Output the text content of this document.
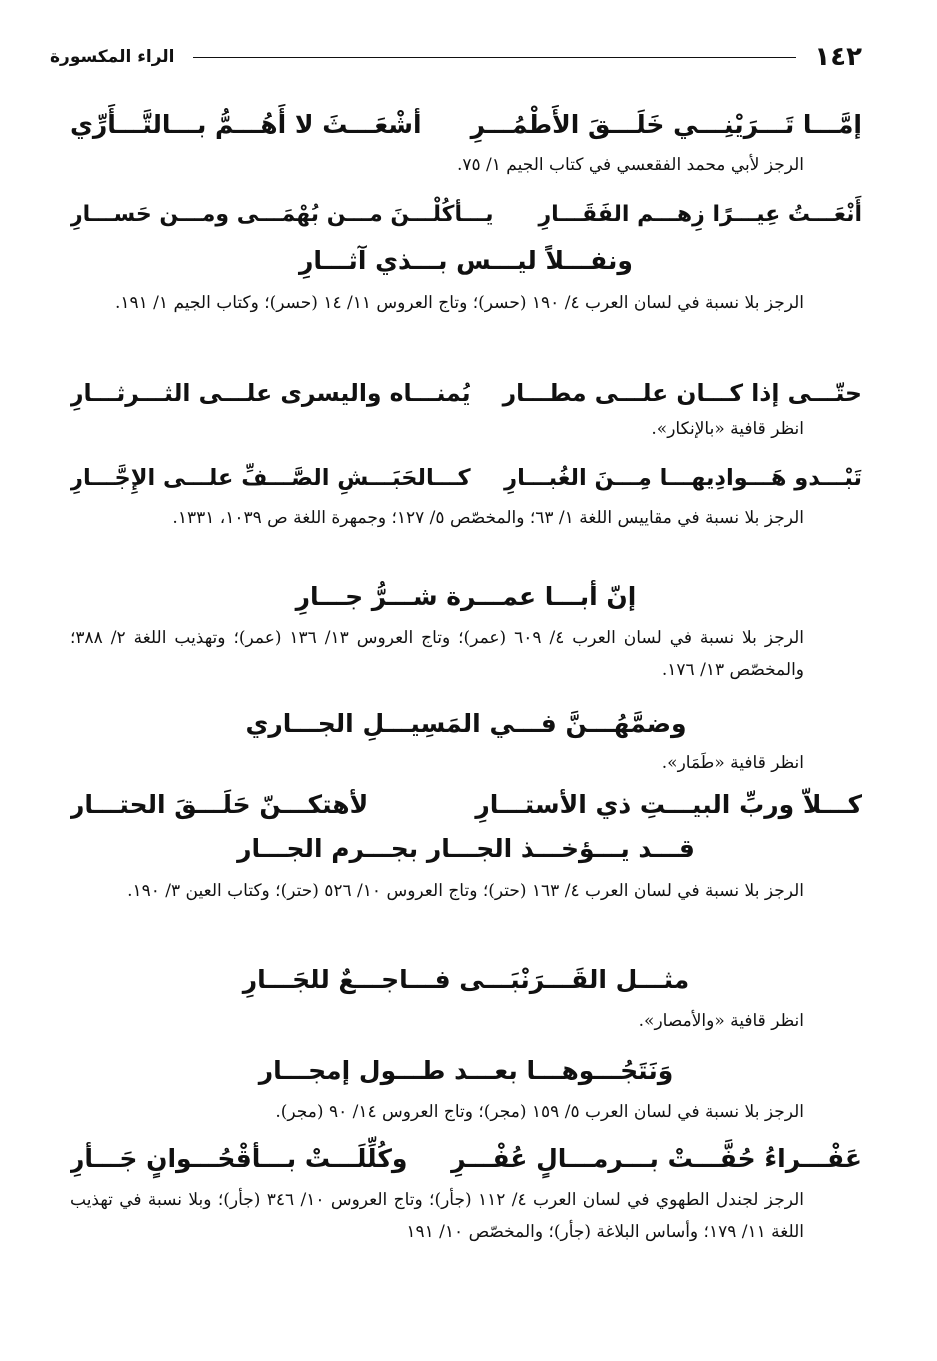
١٤٢
الراء المكسورة
إمَّـــا تَـــرَيْنِـــي خَلَـــقَ الأَطْمُـــرِ
أشْعَـــثَ لا أَهُـــمُّ بـــالتَّـــأَرِّي

الرجز لأبي محمد الفقعسي في كتاب الجيم ١/ ٧٥.

أَنْعَـــتُ عِيـــرًا زِهـــم الفَقَـــارِ
يـــأكُلْـــنَ مـــن بُهْمَـــى ومـــن حَســـارِ
ونفـــلاً ليـــس بـــذي آثـــارِ

الرجز بلا نسبة في لسان العرب ٤/ ١٩٠ (حسر)؛ وتاج العروس ١١/ ١٤ (حسر)؛ وكتاب الجيم ١/ ١٩١.

حتّـــى إذا كـــان علـــى مطـــار
يُمنـــاه واليسرى علـــى الثـــرثـــارِ

انظر قافية «بالإنكار».

تَبْـــدو هَـــوادِيهـــا مِـــنَ الغُبـــارِ
كـــالحَبَـــشِ الصَّـــفِّ علـــى الإِجَّـــارِ

الرجز بلا نسبة في مقاييس اللغة ١/ ٦٣؛ والمخصّص ٥/ ١٢٧؛ وجمهرة اللغة ص ١٠٣٩، ١٣٣١.

إنّ أبـــا عمـــرة شـــرُّ جـــارِ

الرجز بلا نسبة في لسان العرب ٤/ ٦٠٩ (عمر)؛ وتاج العروس ١٣/ ١٣٦ (عمر)؛ وتهذيب اللغة ٢/ ٣٨٨؛ والمخصّص ١٣/ ١٧٦.

وضمَّهُـــنَّ فـــي المَسِيـــلِ الجـــاري

انظر قافية «طَمَار».

كـــلاّ وربِّ البيـــتِ ذي الأستـــارِ
لأهتكـــنّ حَلَـــقَ الحتـــار
قـــد يـــؤخـــذ الجـــار بجـــرم الجـــار

الرجز بلا نسبة في لسان العرب ٤/ ١٦٣ (حتر)؛ وتاج العروس ١٠/ ٥٢٦ (حتر)؛ وكتاب العين ٣/ ١٩٠.

مثـــل القَـــرَنْبَـــى فـــاجـــعٌ للجَـــارِ

انظر قافية «والأمصار».

وَنَتَجُـــوهـــا بعـــد طـــول إمجـــار

الرجز بلا نسبة في لسان العرب ٥/ ١٥٩ (مجر)؛ وتاج العروس ١٤/ ٩٠ (مجر).

عَفْـــراءُ حُفَّـــتْ بـــرمـــالٍ عُفْـــرِ
وكُلِّلَـــتْ بـــأقْحُـــوانٍ جَـــأرِ

الرجز لجندل الطهوي في لسان العرب ٤/ ١١٢ (جأر)؛ وتاج العروس ١٠/ ٣٤٦ (جأر)؛ وبلا نسبة في تهذيب اللغة ١١/ ١٧٩؛ وأساس البلاغة (جأر)؛ والمخصّص ١٠/ ١٩١
